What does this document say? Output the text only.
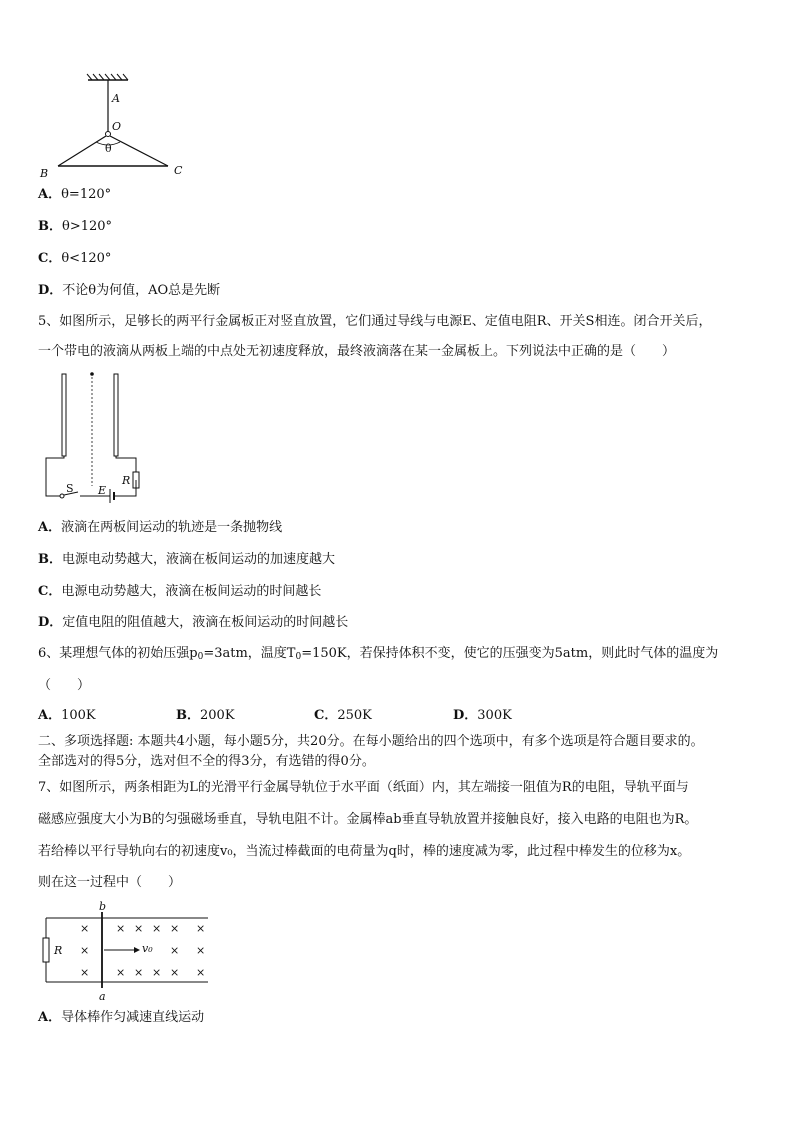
A
O
θ
B	C
A．θ=120°
B．θ>120°
C．θ<120°
D．不论θ为何值，AO总是先断
5、如图所示，足够长的两平行金属板正对竖直放置，它们通过导线与电源E、定值电阻R、开关S相连。闭合开关后，
一个带电的液滴从两板上端的中点处无初速度释放，最终液滴落在某一金属板上。下列说法中正确的是（　　）
S E
R
A．液滴在两板间运动的轨迹是一条抛物线
B．电源电动势越大，液滴在板间运动的加速度越大
C．电源电动势越大，液滴在板间运动的时间越长
D．定值电阻的阻值越大，液滴在板间运动的时间越长
6、某理想气体的初始压强$p_0=3atm$，温度$T_0=150K$，若保持体积不变，使它的压强变为5atm，则此时气体的温度为
（　　）
A．100K	B．200K	C．250K	D．300K
二、多项选择题: 本题共4小题，每小题5分，共20分。在每小题给出的四个选项中，有多个选项是符合题目要求的。
全部选对的得5分，选对但不全的得3分，有选错的得0分。
7、如图所示，两条相距为L的光滑平行金属导轨位于水平面（纸面）内，其左端接一阻值为R的电阻，导轨平面与
磁感应强度大小为B的匀强磁场垂直，导轨电阻不计。金属棒ab垂直导轨放置并接触良好，接入电路的电阻也为R。
若给棒以平行导轨向右的初速度v₀，当流过棒截面的电荷量为q时，棒的速度减为零，此过程中棒发生的位移为x。
则在这一过程中（　　）
b
a
R	v₀
× × × × × ×
×	× ×
× × × × × ×
A．导体棒作匀减速直线运动
